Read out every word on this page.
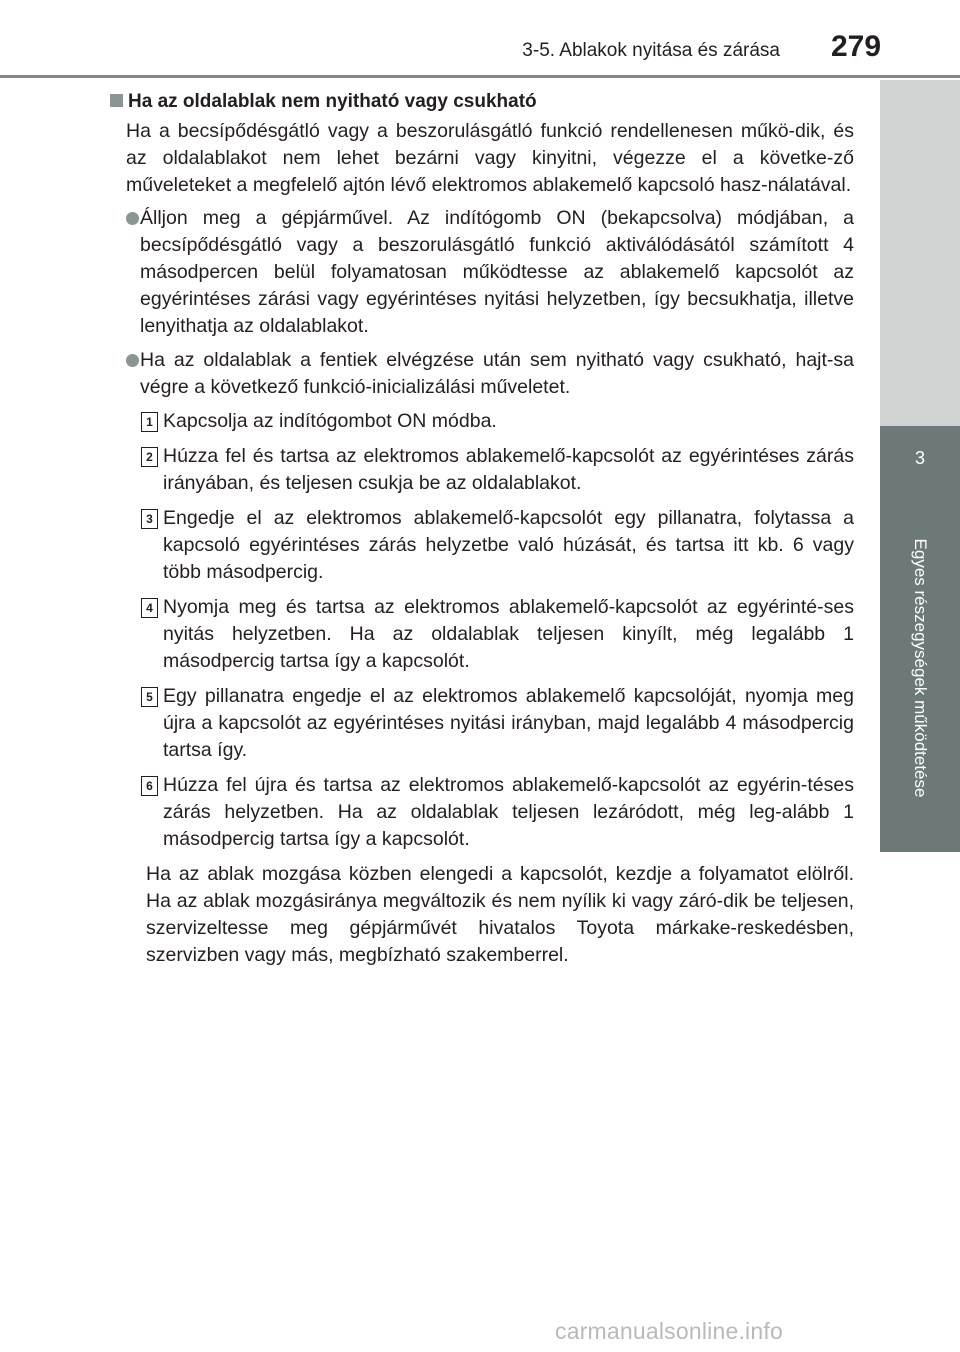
3-5. Ablakok nyitása és zárása 279
3
Egyes részegységek működtetése
Ha az oldalablak nem nyitható vagy csukható

Ha a becsípődésgátló vagy a beszorulásgátló funkció rendellenesen műkö-dik, és az oldalablakot nem lehet bezárni vagy kinyitni, végezze el a követke-ző műveleteket a megfelelő ajtón lévő elektromos ablakemelő kapcsoló hasz-nálatával.

Álljon meg a gépjárművel. Az indítógomb ON (bekapcsolva) módjában, a becsípődésgátló vagy a beszorulásgátló funkció aktiválódásától számított 4 másodpercen belül folyamatosan működtesse az ablakemelő kapcsolót az egyérintéses zárási vagy egyérintéses nyitási helyzetben, így becsukhatja, illetve lenyithatja az oldalablakot.
Ha az oldalablak a fentiek elvégzése után sem nyitható vagy csukható, hajt-sa végre a következő funkció-inicializálási műveletet.
1 Kapcsolja az indítógombot ON módba.
2 Húzza fel és tartsa az elektromos ablakemelő-kapcsolót az egyérintéses zárás irányában, és teljesen csukja be az oldalablakot.
3 Engedje el az elektromos ablakemelő-kapcsolót egy pillanatra, folytassa a kapcsoló egyérintéses zárás helyzetbe való húzását, és tartsa itt kb. 6 vagy több másodpercig.
4 Nyomja meg és tartsa az elektromos ablakemelő-kapcsolót az egyérinté-ses nyitás helyzetben. Ha az oldalablak teljesen kinyílt, még legalább 1 másodpercig tartsa így a kapcsolót.
5 Egy pillanatra engedje el az elektromos ablakemelő kapcsolóját, nyomja meg újra a kapcsolót az egyérintéses nyitási irányban, majd legalább 4 másodpercig tartsa így.
6 Húzza fel újra és tartsa az elektromos ablakemelő-kapcsolót az egyérin-téses zárás helyzetben. Ha az oldalablak teljesen lezáródott, még leg-alább 1 másodpercig tartsa így a kapcsolót.

Ha az ablak mozgása közben elengedi a kapcsolót, kezdje a folyamatot elölről. Ha az ablak mozgásiránya megváltozik és nem nyílik ki vagy záró-dik be teljesen, szervizeltesse meg gépjárművét hivatalos Toyota márkake-reskedésben, szervizben vagy más, megbízható szakemberrel.

carmanualsonline.info
